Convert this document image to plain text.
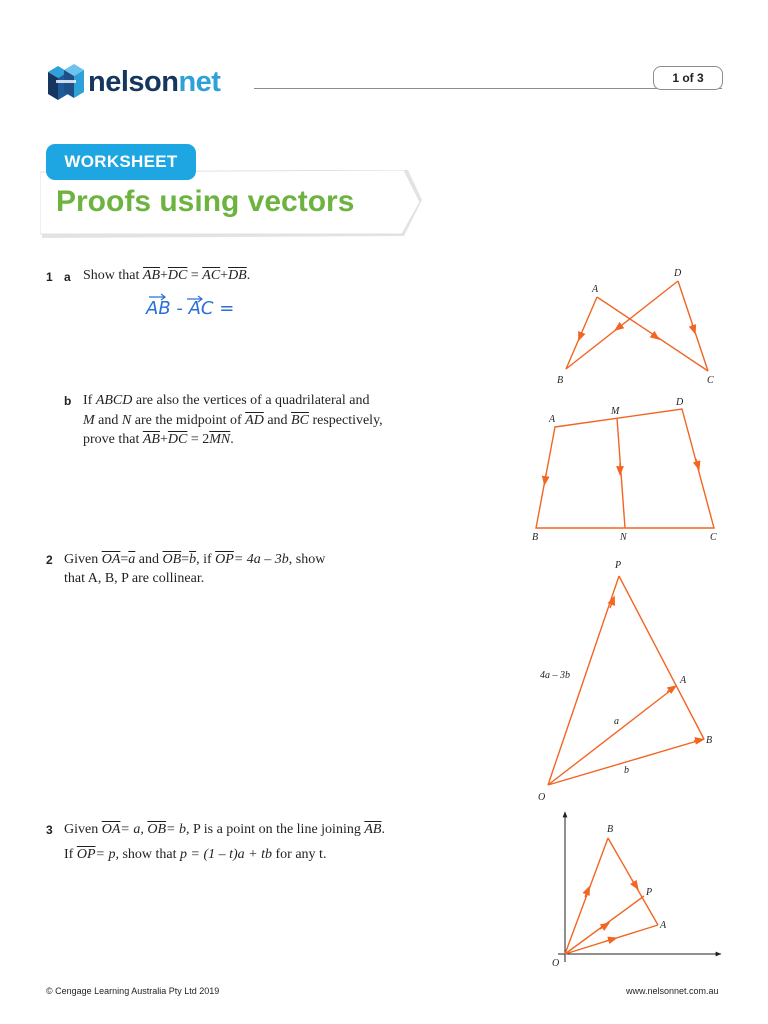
nelsonnet	1 of 3
WORKSHEET
Proofs using vectors
1 a Show that $\overline{AB}+\overline{DC} = \overline{AC}+\overline{DB}$.
AB - AC =
b If ABCD are also the vertices of a quadrilateral and
M and N are the midpoint of $\overline{AD}$ and $\overline{BC}$ respectively,
prove that $\overline{AB}+\overline{DC} = 2\overline{MN}$.
2 Given $\overline{OA}=\overline{a}$ and $\overline{OB}=\overline{b}$, if $\overline{OP}= 4a - 3b$, show
that A, B, P are collinear.
3 Given $\overline{OA}= a$, $\overline{OB}= b$, P is a point on the line joining $\overline{AB}$.
If $\overline{OP}= p$, show that p = (1 – t)a + tb for any t.
A
D
B	C
A
M
D
B	N	C
P
A
B
O
4a – 3b
a
b
B
P
A
O
© Cengage Learning Australia Pty Ltd 2019	www.nelsonnet.com.au
